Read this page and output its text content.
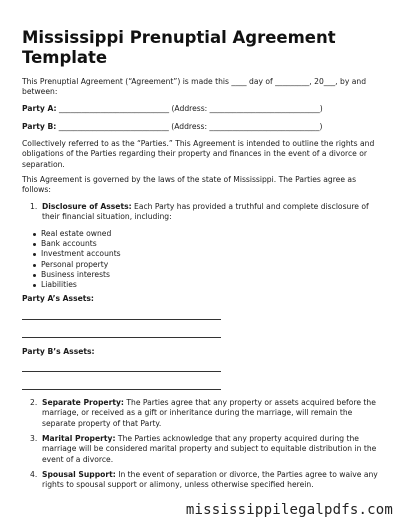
Mississippi Prenuptial Agreement Template

This Prenuptial Agreement (“Agreement”) is made this ____ day of _________, 20___, by and between:

Party A: _____________________________ (Address: _____________________________)
Party B: _____________________________ (Address: _____________________________)

Collectively referred to as the “Parties.” This Agreement is intended to outline the rights and obligations of the Parties regarding their property and finances in the event of a divorce or separation.

This Agreement is governed by the laws of the state of Mississippi. The Parties agree as follows:

1. Disclosure of Assets: Each Party has provided a truthful and complete disclosure of their financial situation, including:
Real estate owned
Bank accounts
Investment accounts
Personal property
Business interests
Liabilities
Party A’s Assets:
Party B’s Assets:
2. Separate Property: The Parties agree that any property or assets acquired before the marriage, or received as a gift or inheritance during the marriage, will remain the separate property of that Party.
3. Marital Property: The Parties acknowledge that any property acquired during the marriage will be considered marital property and subject to equitable distribution in the event of a divorce.
4. Spousal Support: In the event of separation or divorce, the Parties agree to waive any rights to spousal support or alimony, unless otherwise specified herein.
mississippilegalpdfs.com
